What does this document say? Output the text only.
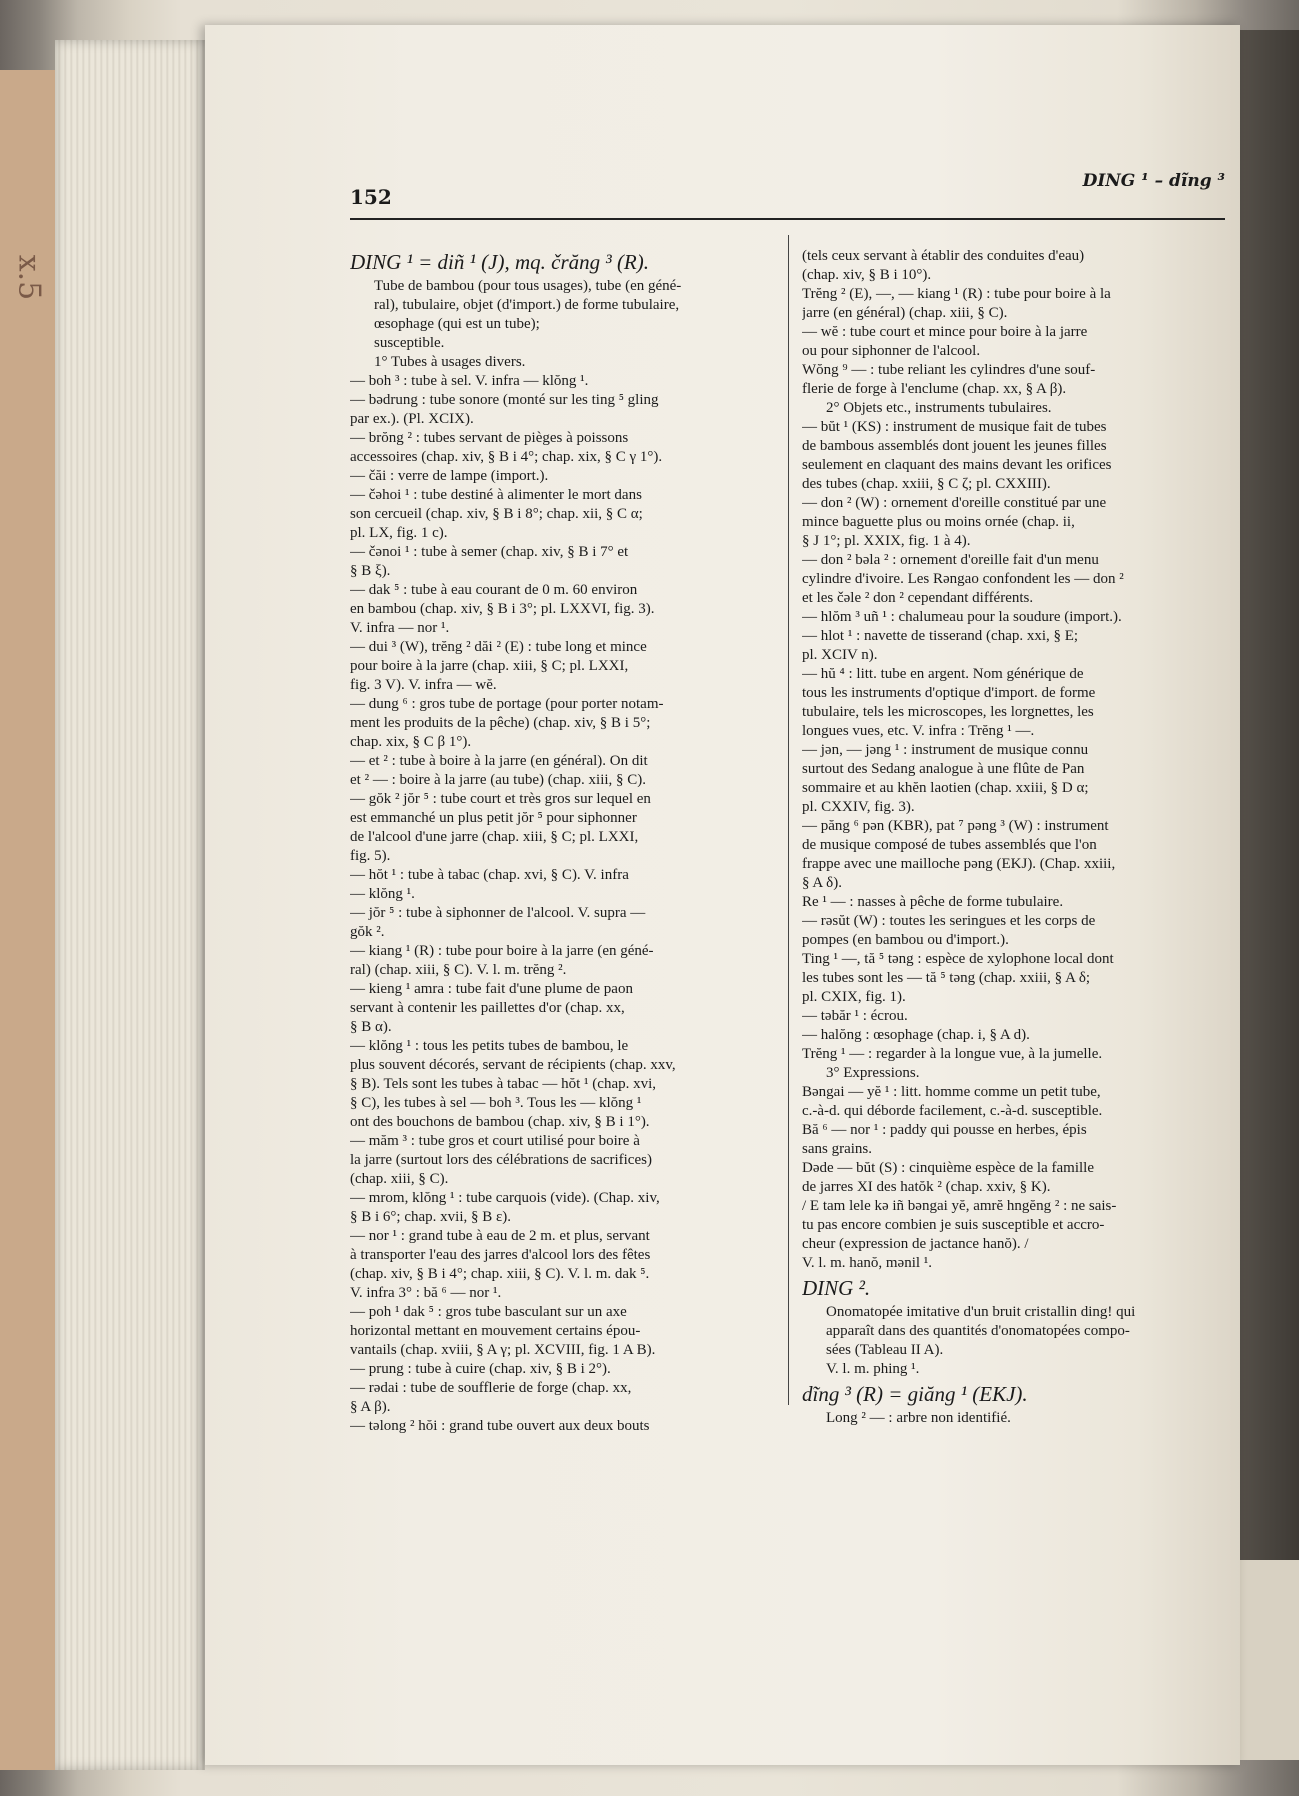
x.5
152
DING ¹ – dĩng ³

DING ¹ = diñ ¹ (J), mq. črăng ³ (R).

Tube de bambou (pour tous usages), tube (en géné-

ral), tubulaire, objet (d'import.) de forme tubulaire,

œsophage (qui est un tube);

susceptible.

1° Tubes à usages divers.

— boh ³ : tube à sel. V. infra — klŏng ¹.

— bədrung : tube sonore (monté sur les ting ⁵ gling

par ex.). (Pl. XCIX).

— brŏng ² : tubes servant de pièges à poissons

accessoires (chap. xiv, § B i 4°; chap. xix, § C γ 1°).

— čăi : verre de lampe (import.).

— čəhoi ¹ : tube destiné à alimenter le mort dans

son cercueil (chap. xiv, § B i 8°; chap. xii, § C α;

pl. LX, fig. 1 c).

— čənoi ¹ : tube à semer (chap. xiv, § B i 7° et

§ B ξ).

— dak ⁵ : tube à eau courant de 0 m. 60 environ

en bambou (chap. xiv, § B i 3°; pl. LXXVI, fig. 3).

V. infra — nor ¹.

— dui ³ (W), trĕng ² dăi ² (E) : tube long et mince

pour boire à la jarre (chap. xiii, § C; pl. LXXI,

fig. 3 V). V. infra — wĕ.

— dung ⁶ : gros tube de portage (pour porter notam-

ment les produits de la pêche) (chap. xiv, § B i 5°;

chap. xix, § C β 1°).

— et ² : tube à boire à la jarre (en général). On dit

et ² — : boire à la jarre (au tube) (chap. xiii, § C).

— gŏk ² jŏr ⁵ : tube court et très gros sur lequel en

est emmanché un plus petit jŏr ⁵ pour siphonner

de l'alcool d'une jarre (chap. xiii, § C; pl. LXXI,

fig. 5).

— hŏt ¹ : tube à tabac (chap. xvi, § C). V. infra

— klŏng ¹.

— jŏr ⁵ : tube à siphonner de l'alcool. V. supra —

gŏk ².

— kiang ¹ (R) : tube pour boire à la jarre (en géné-

ral) (chap. xiii, § C). V. l. m. trĕng ².

— kieng ¹ amra : tube fait d'une plume de paon

servant à contenir les paillettes d'or (chap. xx,

§ B α).

— klŏng ¹ : tous les petits tubes de bambou, le

plus souvent décorés, servant de récipients (chap. xxv,

§ B). Tels sont les tubes à tabac — hŏt ¹ (chap. xvi,

§ C), les tubes à sel — boh ³. Tous les — klŏng ¹

ont des bouchons de bambou (chap. xiv, § B i 1°).

— măm ³ : tube gros et court utilisé pour boire à

la jarre (surtout lors des célébrations de sacrifices)

(chap. xiii, § C).

— mrom, klŏng ¹ : tube carquois (vide). (Chap. xiv,

§ B i 6°; chap. xvii, § B ε).

— nor ¹ : grand tube à eau de 2 m. et plus, servant

à transporter l'eau des jarres d'alcool lors des fêtes

(chap. xiv, § B i 4°; chap. xiii, § C). V. l. m. dak ⁵.

V. infra 3° : bă ⁶ — nor ¹.

— poh ¹ dak ⁵ : gros tube basculant sur un axe

horizontal mettant en mouvement certains épou-

vantails (chap. xviii, § A γ; pl. XCVIII, fig. 1 A B).

— prung : tube à cuire (chap. xiv, § B i 2°).

— rədai : tube de soufflerie de forge (chap. xx,

§ A β).

— təlong ² hŏi : grand tube ouvert aux deux bouts

(tels ceux servant à établir des conduites d'eau)

(chap. xiv, § B i 10°).

Trĕng ² (E), —, — kiang ¹ (R) : tube pour boire à la

jarre (en général) (chap. xiii, § C).

— wĕ : tube court et mince pour boire à la jarre

ou pour siphonner de l'alcool.

Wŏng ⁹ — : tube reliant les cylindres d'une souf-

flerie de forge à l'enclume (chap. xx, § A β).

2° Objets etc., instruments tubulaires.

— bŭt ¹ (KS) : instrument de musique fait de tubes

de bambous assemblés dont jouent les jeunes filles

seulement en claquant des mains devant les orifices

des tubes (chap. xxiii, § C ζ; pl. CXXIII).

— don ² (W) : ornement d'oreille constitué par une

mince baguette plus ou moins ornée (chap. ii,

§ J 1°; pl. XXIX, fig. 1 à 4).

— don ² bəla ² : ornement d'oreille fait d'un menu

cylindre d'ivoire. Les Rəngao confondent les — don ²

et les čəle ² don ² cependant différents.

— hlŏm ³ uñ ¹ : chalumeau pour la soudure (import.).

— hlot ¹ : navette de tisserand (chap. xxi, § E;

pl. XCIV n).

— hŭ ⁴ : litt. tube en argent. Nom générique de

tous les instruments d'optique d'import. de forme

tubulaire, tels les microscopes, les lorgnettes, les

longues vues, etc. V. infra : Trĕng ¹ —.

— jən, — jəng ¹ : instrument de musique connu

surtout des Sedang analogue à une flûte de Pan

sommaire et au khĕn laotien (chap. xxiii, § D α;

pl. CXXIV, fig. 3).

— păng ⁶ pən (KBR), pat ⁷ pəng ³ (W) : instrument

de musique composé de tubes assemblés que l'on

frappe avec une mailloche pəng (EKJ). (Chap. xxiii,

§ A δ).

Re ¹ — : nasses à pêche de forme tubulaire.

— rəsŭt (W) : toutes les seringues et les corps de

pompes (en bambou ou d'import.).

Ting ¹ —, tă ⁵ təng : espèce de xylophone local dont

les tubes sont les — tă ⁵ təng (chap. xxiii, § A δ;

pl. CXIX, fig. 1).

— təbăr ¹ : écrou.

— halŏng : œsophage (chap. i, § A d).

Trĕng ¹ — : regarder à la longue vue, à la jumelle.

3° Expressions.

Bəngai — yĕ ¹ : litt. homme comme un petit tube,

c.-à-d. qui déborde facilement, c.-à-d. susceptible.

Bă ⁶ — nor ¹ : paddy qui pousse en herbes, épis

sans grains.

Dəde — bŭt (S) : cinquième espèce de la famille

de jarres XI des hatŏk ² (chap. xxiv, § K).

/ E tam lele kə iñ bəngai yĕ, amrĕ hngĕng ² : ne sais-

tu pas encore combien je suis susceptible et accro-

cheur (expression de jactance hanŏ). /

V. l. m. hanŏ, mənil ¹.

DING ².

Onomatopée imitative d'un bruit cristallin ding! qui

apparaît dans des quantités d'onomatopées compo-

sées (Tableau II A).

V. l. m. phing ¹.

dĩng ³ (R) = giăng ¹ (EKJ).

Long ² — : arbre non identifié.
